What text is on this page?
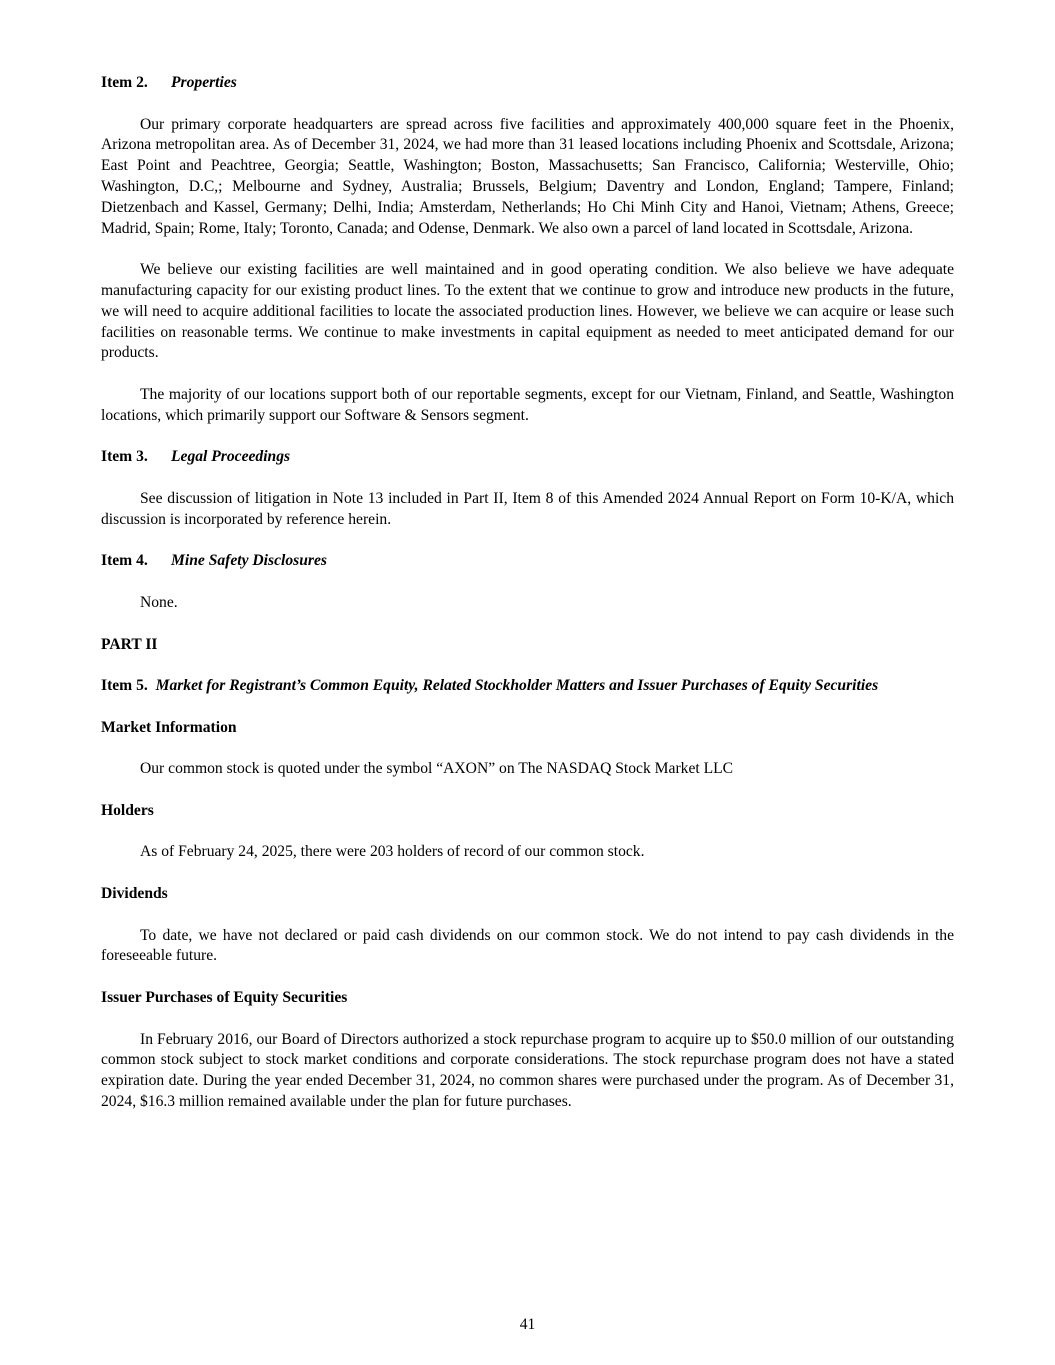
Item 2. Properties

Our primary corporate headquarters are spread across five facilities and approximately 400,000 square feet in the Phoenix, Arizona metropolitan area. As of December 31, 2024, we had more than 31 leased locations including Phoenix and Scottsdale, Arizona; East Point and Peachtree, Georgia; Seattle, Washington; Boston, Massachusetts; San Francisco, California; Westerville, Ohio; Washington, D.C,; Melbourne and Sydney, Australia; Brussels, Belgium; Daventry and London, England; Tampere, Finland; Dietzenbach and Kassel, Germany; Delhi, India; Amsterdam, Netherlands; Ho Chi Minh City and Hanoi, Vietnam; Athens, Greece; Madrid, Spain; Rome, Italy; Toronto, Canada; and Odense, Denmark. We also own a parcel of land located in Scottsdale, Arizona.

We believe our existing facilities are well maintained and in good operating condition. We also believe we have adequate manufacturing capacity for our existing product lines. To the extent that we continue to grow and introduce new products in the future, we will need to acquire additional facilities to locate the associated production lines. However, we believe we can acquire or lease such facilities on reasonable terms. We continue to make investments in capital equipment as needed to meet anticipated demand for our products.

The majority of our locations support both of our reportable segments, except for our Vietnam, Finland, and Seattle, Washington locations, which primarily support our Software & Sensors segment.

Item 3. Legal Proceedings

See discussion of litigation in Note 13 included in Part II, Item 8 of this Amended 2024 Annual Report on Form 10-K/A, which discussion is incorporated by reference herein.

Item 4. Mine Safety Disclosures

None.

PART II

Item 5. Market for Registrant’s Common Equity, Related Stockholder Matters and Issuer Purchases of Equity Securities

Market Information

Our common stock is quoted under the symbol “AXON” on The NASDAQ Stock Market LLC

Holders

As of February 24, 2025, there were 203 holders of record of our common stock.

Dividends

To date, we have not declared or paid cash dividends on our common stock. We do not intend to pay cash dividends in the foreseeable future.

Issuer Purchases of Equity Securities

In February 2016, our Board of Directors authorized a stock repurchase program to acquire up to $50.0 million of our outstanding common stock subject to stock market conditions and corporate considerations. The stock repurchase program does not have a stated expiration date. During the year ended December 31, 2024, no common shares were purchased under the program. As of December 31, 2024, $16.3 million remained available under the plan for future purchases.

41
